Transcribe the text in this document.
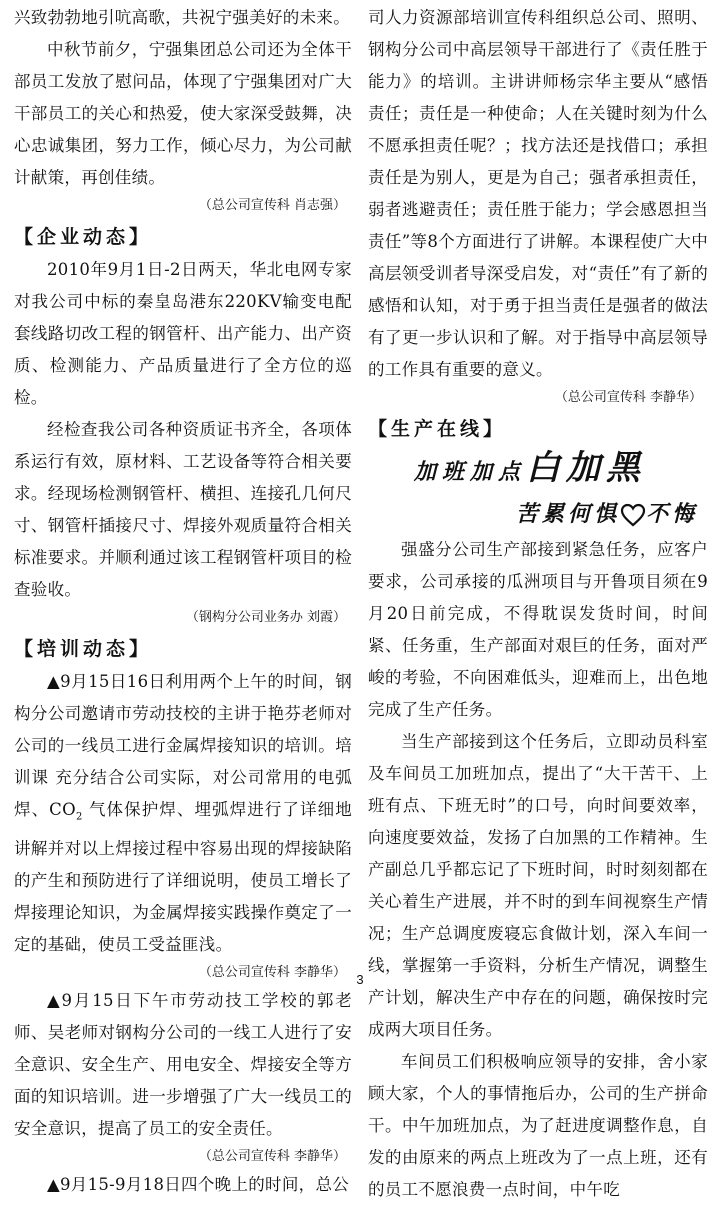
兴致勃勃地引吭高歌，共祝宁强美好的未来。

中秋节前夕，宁强集团总公司还为全体干部员工发放了慰问品，体现了宁强集团对广大干部员工的关心和热爱，使大家深受鼓舞，决心忠诚集团，努力工作，倾心尽力，为公司献计献策，再创佳绩。

（总公司宣传科 肖志强）
【企业动态】

2010年9月1日-2日两天，华北电网专家对我公司中标的秦皇岛港东220KV输变电配套线路切改工程的钢管杆、出产能力、出产资质、检测能力、产品质量进行了全方位的巡检。

经检查我公司各种资质证书齐全，各项体系运行有效，原材料、工艺设备等符合相关要求。经现场检测钢管杆、横担、连接孔几何尺寸、钢管杆插接尺寸、焊接外观质量符合相关标准要求。并顺利通过该工程钢管杆项目的检查验收。

（钢构分公司业务办 刘霞）
【培训动态】

▲9月15日16日利用两个上午的时间，钢构分公司邀请市劳动技校的主讲于艳芬老师对公司的一线员工进行金属焊接知识的培训。培训课 充分结合公司实际，对公司常用的电弧焊、$CO_2$ 气体保护焊、埋弧焊进行了详细地讲解并对以上焊接过程中容易出现的焊接缺陷的产生和预防进行了详细说明，使员工增长了焊接理论知识，为金属焊接实践操作奠定了一定的基础，使员工受益匪浅。

（总公司宣传科 李静华）

▲9月15日下午市劳动技工学校的郭老师、吴老师对钢构分公司的一线工人进行了安全意识、安全生产、用电安全、焊接安全等方面的知识培训。进一步增强了广大一线员工的安全意识，提高了员工的安全责任。

（总公司宣传科 李静华）

▲9月15-9月18日四个晚上的时间，总公

司人力资源部培训宣传科组织总公司、照明、钢构分公司中高层领导干部进行了《责任胜于能力》的培训。主讲讲师杨宗华主要从“感悟责任；责任是一种使命；人在关键时刻为什么不愿承担责任呢？；找方法还是找借口；承担责任是为别人，更是为自己；强者承担责任，弱者逃避责任；责任胜于能力；学会感恩担当责任”等8个方面进行了讲解。本课程使广大中高层领受训者导深受启发，对“责任”有了新的感悟和认知，对于勇于担当责任是强者的做法有了更一步认识和了解。对于指导中高层领导的工作具有重要的意义。

（总公司宣传科 李静华）
【生产在线】
加班加点白加黑
苦累何惧 不悔

强盛分公司生产部接到紧急任务，应客户要求，公司承接的瓜洲项目与开鲁项目须在9月20日前完成，不得耽误发货时间，时间紧、任务重，生产部面对艰巨的任务，面对严峻的考验，不向困难低头，迎难而上，出色地完成了生产任务。

当生产部接到这个任务后，立即动员科室及车间员工加班加点，提出了“大干苦干、上班有点、下班无时”的口号，向时间要效率，向速度要效益，发扬了白加黑的工作精神。生产副总几乎都忘记了下班时间，时时刻刻都在关心着生产进展，并不时的到车间视察生产情况；生产总调度废寝忘食做计划，深入车间一线，掌握第一手资料，分析生产情况，调整生产计划，解决生产中存在的问题，确保按时完成两大项目任务。

车间员工们积极响应领导的安排，舍小家顾大家，个人的事情拖后办，公司的生产拼命干。中午加班加点，为了赶进度调整作息，自发的由原来的两点上班改为了一点上班，还有的员工不愿浪费一点时间，中午吃

3
